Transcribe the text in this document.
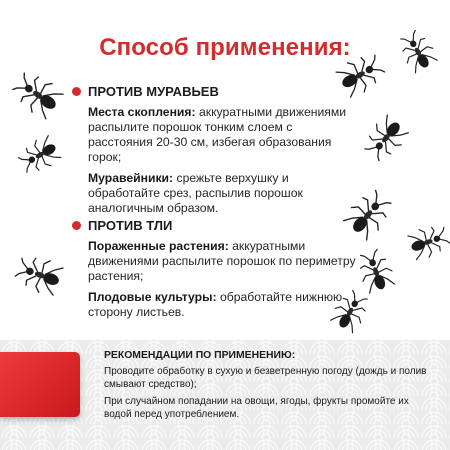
Способ применения:
ПРОТИВ МУРАВЬЕВ
Места скопления: аккуратными движениями распылите порошок тонким слоем с расстояния 20-30 см, избегая образования горок;
Муравейники: срежьте верхушку и обработайте срез, распылив порошок аналогичным образом.
ПРОТИВ ТЛИ
Пораженные растения: аккуратными движениями распылите порошок по периметру растения;
Плодовые культуры: обработайте нижнюю сторону листьев.
РЕКОМЕНДАЦИИ ПО ПРИМЕНЕНИЮ:
Проводите обработку в сухую и безветренную погоду (дождь и полив смывают средство);
При случайном попадании на овощи, ягоды, фрукты промойте их водой перед употреблением.
